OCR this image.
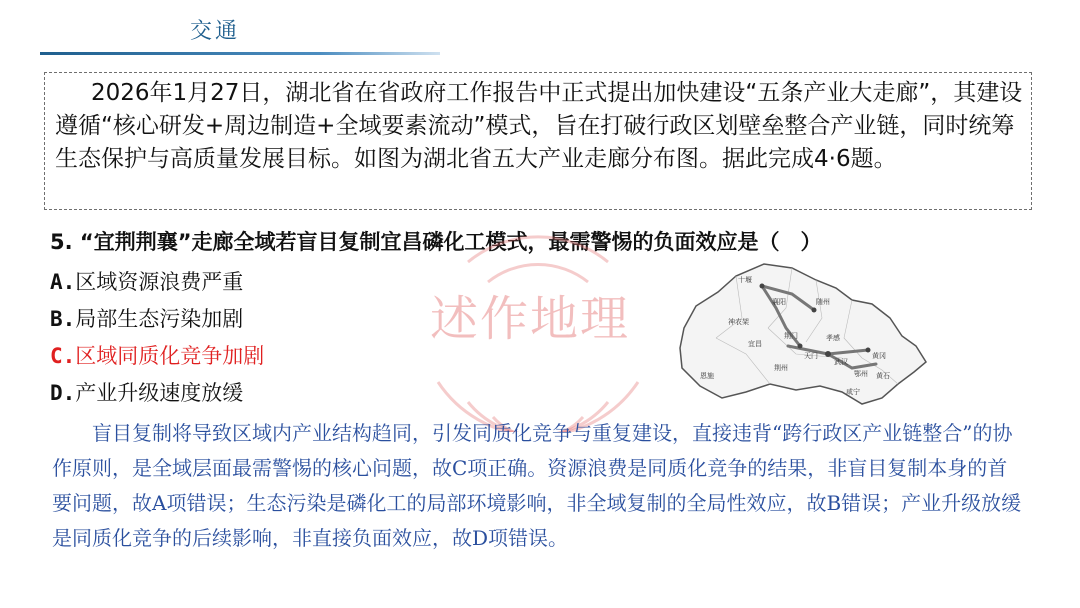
交通
2026年1月27日，湖北省在省政府工作报告中正式提出加快建设“五条产业大走廊”，其建设遵循“核心研发+周边制造+全域要素流动”模式，旨在打破行政区划壁垒整合产业链，同时统筹生态保护与高质量发展目标。如图为湖北省五大产业走廊分布图。据此完成4·6题。
5. “宜荆荆襄”走廊全域若盲目复制宜昌磷化工模式，最需警惕的负面效应是（　）
A.区域资源浪费严重
B.局部生态污染加剧
C.区域同质化竞争加剧
D.产业升级速度放缓
述作地理
十堰
襄阳	随州
神农架
宜昌
荆门	孝感
恩施
荆州
天门
武汉
黄冈
鄂州 黄石
咸宁
盲目复制将导致区域内产业结构趋同，引发同质化竞争与重复建设，直接违背“跨行政区产业链整合”的协作原则，是全域层面最需警惕的核心问题，故C项正确。资源浪费是同质化竞争的结果，非盲目复制本身的首要问题，故A项错误；生态污染是磷化工的局部环境影响，非全域复制的全局性效应，故B错误；产业升级放缓是同质化竞争的后续影响，非直接负面效应，故D项错误。
